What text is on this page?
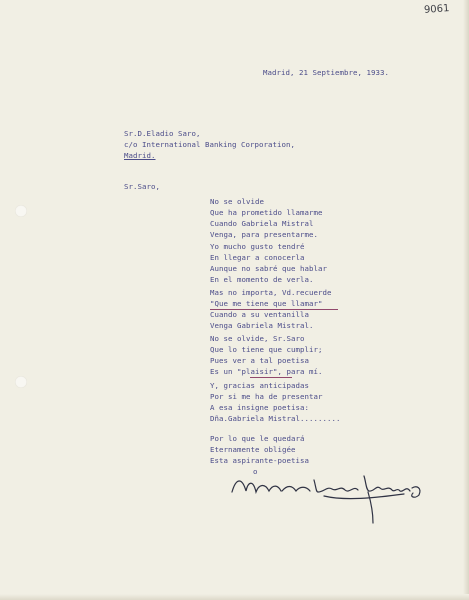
9061
Madrid, 21 Septiembre, 1933.
Sr.D.Eladio Saro,
c/o International Banking Corporation,
Madrid.
Sr.Saro,
No se olvide
Que ha prometido llamarme
Cuando Gabriela Mistral
Venga, para presentarme.
Yo mucho gusto tendré
En llegar a conocerla
Aunque no sabré que hablar
En el momento de verla.
Mas no importa, Vd.recuerde
"Que me tiene que llamar"
Cuando a su ventanilla
Venga Gabriela Mistral.
No se olvide, Sr.Saro
Que lo tiene que cumplir;
Pues ver a tal poetisa
Es un "plaisir", para mí.
Y, gracias anticipadas
Por si me ha de presentar
A esa insigne poetisa:
Dña.Gabriela Mistral.........
Por lo que le quedará
Eternamente obligée
Esta aspirante-poetisa
o
